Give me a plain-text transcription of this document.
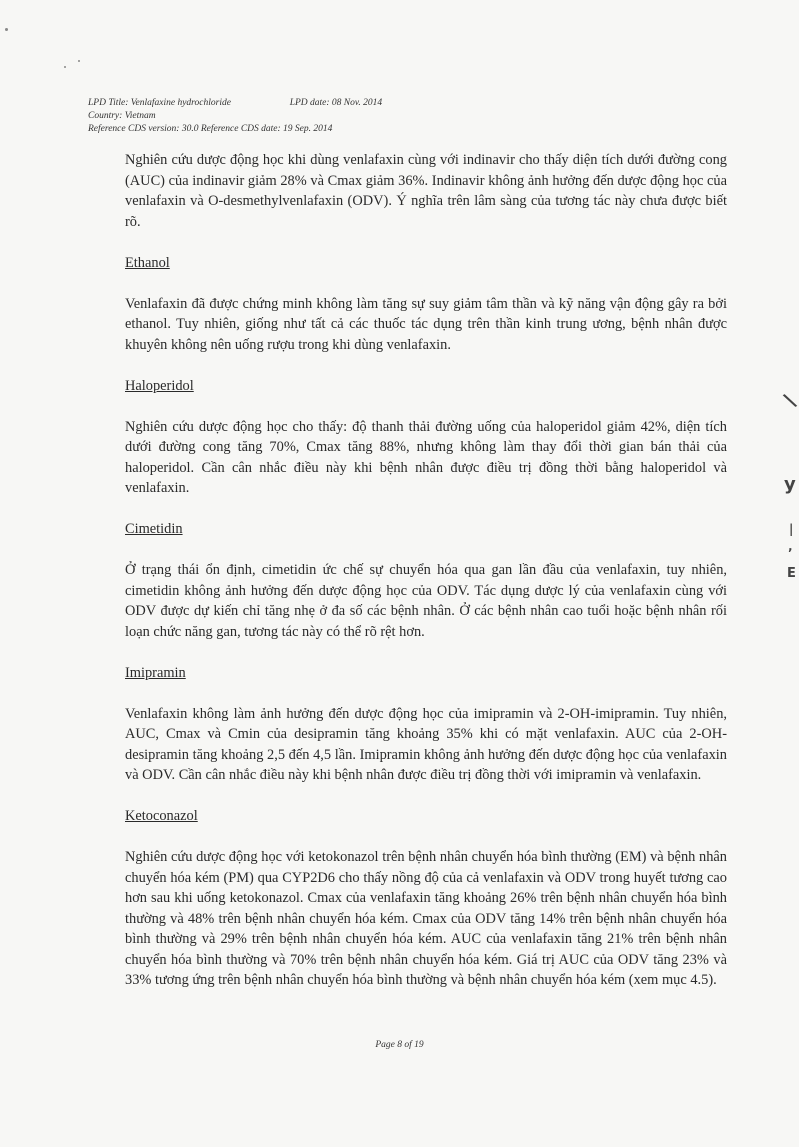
\
y
|
ʼ
E
LPD Title: Venlafaxine hydrochloride	LPD date: 08 Nov. 2014
Country: Vietnam
Reference CDS version: 30.0 Reference CDS date: 19 Sep. 2014

Nghiên cứu dược động học khi dùng venlafaxin cùng với indinavir cho thấy diện tích dưới đường cong (AUC) của indinavir giảm 28% và Cmax giảm 36%. Indinavir không ảnh hưởng đến dược động học của venlafaxin và O-desmethylvenlafaxin (ODV). Ý nghĩa trên lâm sàng của tương tác này chưa được biết rõ.

Ethanol

Venlafaxin đã được chứng minh không làm tăng sự suy giảm tâm thần và kỹ năng vận động gây ra bởi ethanol. Tuy nhiên, giống như tất cả các thuốc tác dụng trên thần kinh trung ương, bệnh nhân được khuyên không nên uống rượu trong khi dùng venlafaxin.

Haloperidol

Nghiên cứu dược động học cho thấy: độ thanh thải đường uống của haloperidol giảm 42%, diện tích dưới đường cong tăng 70%, Cmax tăng 88%, nhưng không làm thay đổi thời gian bán thải của haloperidol. Cần cân nhắc điều này khi bệnh nhân được điều trị đồng thời bằng haloperidol và venlafaxin.

Cimetidin

Ở trạng thái ổn định, cimetidin ức chế sự chuyển hóa qua gan lần đầu của venlafaxin, tuy nhiên, cimetidin không ảnh hưởng đến dược động học của ODV. Tác dụng dược lý của venlafaxin cùng với ODV được dự kiến chỉ tăng nhẹ ở đa số các bệnh nhân. Ở các bệnh nhân cao tuổi hoặc bệnh nhân rối loạn chức năng gan, tương tác này có thể rõ rệt hơn.

Imipramin

Venlafaxin không làm ảnh hưởng đến dược động học của imipramin và 2-OH-imipramin. Tuy nhiên, AUC, Cmax và Cmin của desipramin tăng khoảng 35% khi có mặt venlafaxin. AUC của 2-OH-desipramin tăng khoảng 2,5 đến 4,5 lần. Imipramin không ảnh hưởng đến dược động học của venlafaxin và ODV. Cần cân nhắc điều này khi bệnh nhân được điều trị đồng thời với imipramin và venlafaxin.

Ketoconazol

Nghiên cứu dược động học với ketokonazol trên bệnh nhân chuyển hóa bình thường (EM) và bệnh nhân chuyển hóa kém (PM) qua CYP2D6 cho thấy nồng độ của cả venlafaxin và ODV trong huyết tương cao hơn sau khi uống ketokonazol. Cmax của venlafaxin tăng khoảng 26% trên bệnh nhân chuyển hóa bình thường và 48% trên bệnh nhân chuyển hóa kém. Cmax của ODV tăng 14% trên bệnh nhân chuyển hóa bình thường và 29% trên bệnh nhân chuyển hóa kém. AUC của venlafaxin tăng 21% trên bệnh nhân chuyển hóa bình thường và 70% trên bệnh nhân chuyển hóa kém. Giá trị AUC của ODV tăng 23% và 33% tương ứng trên bệnh nhân chuyển hóa bình thường và bệnh nhân chuyển hóa kém (xem mục 4.5).

Page 8 of 19
